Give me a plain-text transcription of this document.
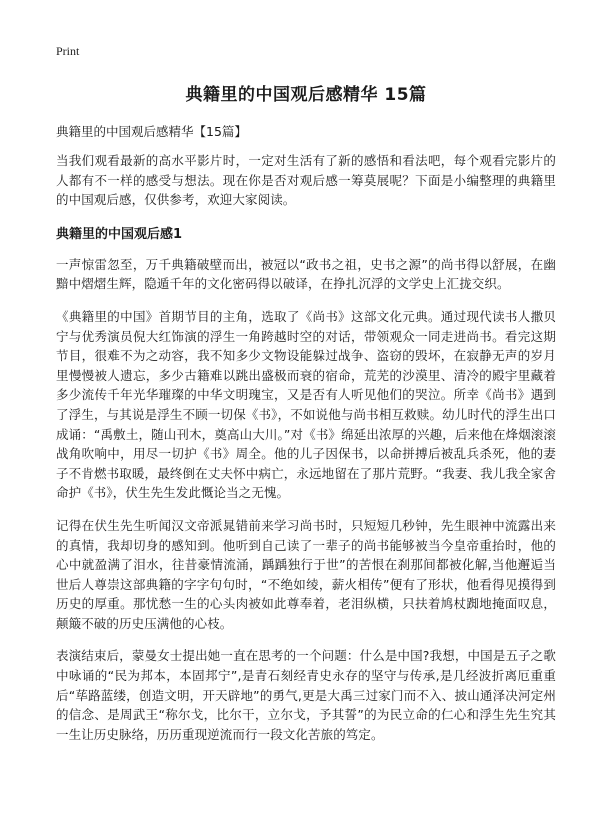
Print
典籍里的中国观后感精华 15篇
典籍里的中国观后感精华【15篇】

当我们观看最新的高水平影片时，一定对生活有了新的感悟和看法吧，每个观看完影片的人都有不一样的感受与想法。现在你是否对观后感一筹莫展呢？下面是小编整理的典籍里的中国观后感，仅供参考，欢迎大家阅读。

典籍里的中国观后感1

一声惊雷忽至，万千典籍破壁而出，被冠以“政书之祖，史书之源”的尚书得以舒展，在幽黯中熠熠生辉，隐遁千年的文化密码得以破译，在挣扎沉浮的文学史上汇拢交织。

《典籍里的中国》首期节目的主角，选取了《尚书》这部文化元典。通过现代读书人撒贝宁与优秀演员倪大红饰演的浮生一角跨越时空的对话，带领观众一同走进尚书。看完这期节目，很难不为之动容，我不知多少文物设能躲过战争、盗窃的毁坏，在寂静无声的岁月里慢慢被人遗忘，多少古籍难以跳出盛极而衰的宿命，荒芜的沙漠里、清冷的殿宇里藏着多少流传千年光华璀璨的中华文明瑰宝，又是否有人听见他们的哭泣。所幸《尚书》遇到了浮生，与其说是浮生不顾一切保《书》，不如说他与尚书相互救赎。幼儿时代的浮生出口成诵：“禹敷土，随山刊木，奠高山大川。”对《书》绵延出浓厚的兴趣，后来他在烽烟滚滚战角吹响中，用尽一切护《书》周全。他的儿子因保书，以命拼搏后被乱兵杀死，他的妻子不肯燃书取暖，最终倒在丈夫怀中病亡，永远地留在了那片荒野。“我妻、我儿我全家舍命护《书》，伏生先生发此慨论当之无愧。

记得在伏生先生听闻汉文帝派晁错前来学习尚书时，只短短几秒钟，先生眼神中流露出来的真情，我却切身的感知到。他听到自己读了一辈子的尚书能够被当今皇帝重抬时，他的心中就盈满了泪水，往昔豪情流涌，踽踽独行于世”的苦恨在刹那间都被化解,当他邂逅当世后人尊崇这部典籍的字字句句时，“不绝如绫，薪火相传”便有了形状，他看得见摸得到历史的厚重。那忧愁一生的心头肉被如此尊奉着，老泪纵横，只扶着鸠杖踟地掩面叹息，颠簸不破的历史压满他的心枝。

表演结束后，蒙曼女士提出她一直在思考的一个问题：什么是中国?我想，中国是五子之歌中咏诵的“民为邦本，本固邦宁”,是青石刻经青史永存的坚守与传承,是几经波折离厄重重后“荜路蓝缕，创造文明，开天辟地”的勇气,更是大禹三过家门而不入、披山通泽决河定州的信念、是周武王“称尔戈，比尔干，立尔戈，予其誓”的为民立命的仁心和浮生先生究其一生让历史脉络，历历重现逆流而行一段文化苦旅的笃定。
